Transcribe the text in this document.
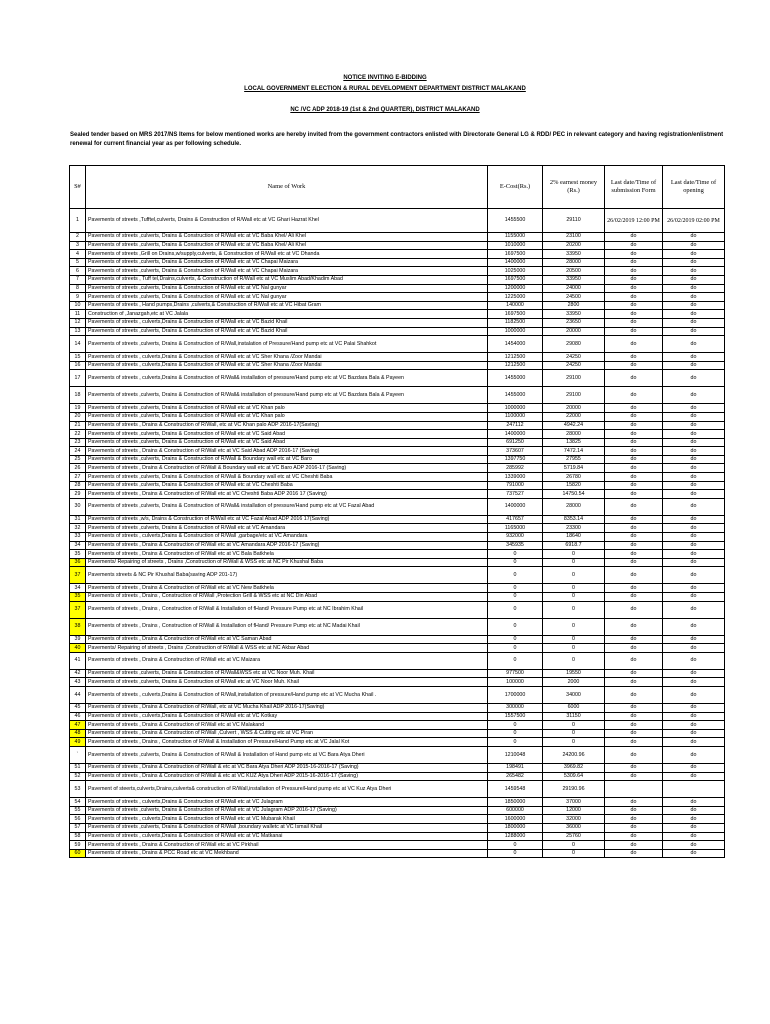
NOTICE INVITING E-BIDDING
LOCAL GOVERNMENT ELECTION & RURAL DEVELOPMENT DEPARTMENT DISTRICT MALAKAND
NC /VC ADP 2018-19 (1st & 2nd QUARTER), DISTRICT MALAKAND
Sealed tender based on MRS 2017/NS Items for below mentioned works are hereby invited from the government contractors enlisted with Directorate General LG & RDD/ PEC in relevant category and having registration/enlistment renewal for current financial year as per following schedule.
S#	Name of Work	E-Cost(Rs.)	2% earnest money (Rs.)	Last date/Time of submission Form	Last date/Time of opening
1	Pavements of streets ,Tufftel,culverts, Drains & Construction of R/Wall etc at VC Ghari Hazrat Khel	1455500	29110	26/02/2019 12:00 PM	26/02/2019 02:00 PM
2	Pavements of streets ,culverts, Drains & Construction of R/Wall etc at VC Baba Khel/ Ali Khel	1155000	23100	do	do
3	Pavements of streets ,culverts, Drains & Construction of R/Wall etc at VC Baba Khel/ Ali Khel	1010000	20200	do	do
4	Pavements of streets ,Grill on Drains,w/supply,culverts, & Construction of R/Wall etc at VC Dhanda	1697500	33950	do	do
5	Pavements of streets ,culverts, Drains & Construction of R/Wall etc at VC Chapai Maizara	1400000	28000	do	do
6	Pavements of streets ,culverts, Drains & Construction of R/Wall etc at VC Chapai Maizara	1025000	20500	do	do
7	Pavements of streets , Tuff tel,Drains,culverts, & Construction of R/Wall etc at VC Muslim Abad/Khadim Abad	1697500	33950	do	do
8	Pavements of streets ,culverts, Drains & Construction of R/Wall etc at VC Nal gunyar	1200000	24000	do	do
9	Pavements of streets ,culverts, Drains & Construction of R/Wall etc at VC Nal gunyar	1225000	24500	do	do
10	Pavements of streets , Hand pumps,Drains ,culverts,& Construction of R/Wall etc at VC Hibat Gram	140000	2800	do	do
11	Construction of ,Janazgah,etc at VC Jalala	1697500	33950	do	do
12	Pavements of streets , culverts,Drains & Construction of R/Wall etc at VC Bazid Khail	1182500	23650	do	do
13	Pavements of streets ,culverts, Drains & Construction of R/Wall etc at VC Bazid Khail	1000000	20000	do	do
14	Pavements of streets ,culverts, Drains & Construction of R/Wall,instalation of Pressure/Hand pump etc at VC Palai Shahkot	1454000	29080	do	do
15	Pavements of streets , culverts,Drains & Construction of R/Wall etc at VC Sher Khana /Zoor Mandai	1212500	24250	do	do
16	Pavements of streets , culverts,Drains & Construction of R/Wall etc at VC Sher Khana /Zoor Mandai	1212500	24250	do	do
17	Pavements of streets , culverts,Drains & Construction of R/Wall& installation of pressure/Hand pump etc at VC Bazdara Bala & Payeen	1455000	29100	do	do
18	Pavements of streets ,culverts, Drains & Construction of R/Wall& installation of pressure/Hand pump etc at VC Bazdara Bala & Payeen	1455000	29100	do	do
19	Pavements of streets ,culverts, Drains & Construction of R/Wall etc at VC Khan palo	1000000	20000	do	do
20	Pavements of streets ,culverts, Drains & Construction of R/Wall etc at VC Khan palo	1100000	22000	do	do
21	Pavements of streets , Drains & Construction of R/Wall, etc at VC Khan palo ADP 2016-17(Saving)	247112	4942.24	do	do
22	Pavements of streets ,culverts, Drains & Construction of R/Wall etc at VC Said Abad	1400000	28000	do	do
23	Pavements of streets ,culverts, Drains & Construction of R/Wall etc at VC Said Abad	691250	13825	do	do
24	Pavements of streets , Drains & Construction of R/Wall etc at VC Said Abad ADP 2016-17 (Saving)	373607	7472.14	do	do
25	Pavements of streets ,culverts, Drains & Construction of R/Wall & Boundary wall etc at VC Baro	1397750	27955	do	do
26	Pavements of streets , Drains & Construction of R/Wall & Boundary wall etc at VC Baro ADP 2016-17 (Saving)	285992	5719.84	do	do
27	Pavements of streets ,culverts, Drains & Construction of R/Wall & Boundary wall etc at VC Cheshti Baba	1339000	26780	do	do
28	Pavements of streets ,culverts, Drains & Construction of R/Wall etc at VC Cheshti Baba	791000	15820	do	do
29	Pavements of streets , Drains & Construction of R/Wall etc at VC Cheshti Baba ADP 2016 17 (Saving)	737527	14750.54	do	do
30	Pavements of streets ,culverts, Drains & Construction of R/Wall& installation of pressure/Hand pump etc at VC Fazal Abad	1400000	28000	do	do
31	Pavements of streets ,w/s, Drains & Construction of R/Wall etc at VC Fazal Abad ADP 2016 17(Saving)	417657	8353.14	do	do
32	Pavements of streets ,culverts, Drains & Construction of R/Wall etc at VC Amandara	1165000	23300	do	do
33	Pavements of streets , culverts,Drains & Construction of R/Wall ,garbage/etc at VC Amandara	932000	18640	do	do
34	Pavements of streets , Drains & Construction of R/Wall etc at VC Amandara ADP 2016-17 (Saving)	345935	6918.7	do	do
35	Pavements of streets , Drains & Construction of R/Wall etc at VC Bala Batkhela	0	0	do	do
36	Pavements/ Repairing of streets , Drains ,Construction of R/Wall & WSS etc at NC Pir Khushal Baba	0	0	do	do
37	Pavements streets & NC Pir Khushal Baba(saving ADP 201-17)	0	0	do	do
34	Pavements of streets , Drains & Construction of R/Wall etc at VC New Batkhela	0	0	do	do
35	Pavements of streets , Drains , Construction of R/Wall ,Protection Grill & WSS etc at NC Din Abad	0	0	do	do
37	Pavements of streets , Drains , Construction of R/Wall & Installation of fHand/ Pressure Pump etc at NC Ibrahim Khail	0	0	do	do
38	Pavements of streets , Drains , Construction of R/Wall & Installation of fHand/ Pressure Pump etc at NC Madai Khail	0	0	do	do
39	Pavements of streets , Drains & Construction of R/Wall etc at VC Saman Abad	0	0	do	do
40	Pavements/ Repairing of streets , Drains ,Construction of R/Wall & WSS etc at NC Akbar Abad	0	0	do	do
41	Pavements of streets , Drains & Construction of R/Wall etc at VC Maizara	0	0	do	do
42	Pavements of streets ,culverts, Drains & Construction of R/Wall&WSS etc at VC Noor Muh. Khail	977500	19550	do	do
43	Pavements of streets ,culverts, Drains & Construction of R/Wall etc at VC Noor Muh. Khail	100000	2000	do	do
44	Pavements of streets , culverts,Drains & Construction of R/Wall,installation of pressure/Hand pump etc at VC Mucha Khail .	1700000	34000	do	do
45	Pavements of streets , Drains & Construction of R/Wall, etc at VC Mucha Khail ADP 2016-17(Saving)	300000	6000	do	do
46	Pavements of streets , culverts,Drains & Construction of R/Wall etc at VC Kotkay	1557500	31150	do	do
47	Pavements of streets , Drains & Construction of R/Wall etc at VC Malakand	0	0	do	do
48	Pavements of streets , Drains & Construction of R/Wall ,Culvert , WSS & Cutting etc at VC Piran	0	0	do	do
49	Pavements of streets , Drains , Construction of R/Wall & Installation of Pressure/Hand Pump etc at VC Jalal Kot	0	0	do	do
`	Pavements of streets ,culverts, Drains & Construction of R/Wall & Installation of Hand pump etc at VC Bara Atya Dheri	1210048	24200.96	do	do
51	Pavements of streets , Drains & Construction of R/Wall & etc at VC Bara Atya Dheri ADP 2015-16-2016-17 (Saving)	198491	3969.82	do	do
52	Pavements of streets , Drains & Construction of R/Wall & etc at VC KUZ Atya Dheri ADP 2015-16-2016-17 (Saving)	265482	5309.64	do	do
53	Pavement of steerts,culverts,Drains,culverts& construction of R/Wall,installation of Pressure/Hand pump etc at VC Kuz Atya Dheri	1459548	29190.96		
54	Pavements of streets , culverts,Drains & Construction of R/Wall etc at VC Julagram	1850000	37000	do	do
55	Pavements of streets ,culverts, Drains & Construction of R/Wall etc at VC Julagram ADP 2016-17 (Saving)	600000	12000	do	do
56	Pavements of streets , culverts,Drains & Construction of R/Wall etc at VC Mubarak Khail	1600000	32000	do	do
57	Pavements of streets ,culverts, Drains & Construction of R/Wall ,boundary walletc at VC Ismail Khail	1800000	36000	do	do
58	Pavements of streets , culverts,Drains & Construction of R/Wall etc at VC Matkanai	1288000	25760	do	do
59	Pavements of streets , Drains & Construction of R/Wall etc at VC Pirkhail	0	0	do	do
60	Pavements of streets , Drains & PCC Road etc at VC Mekhband	0	0	do	do
